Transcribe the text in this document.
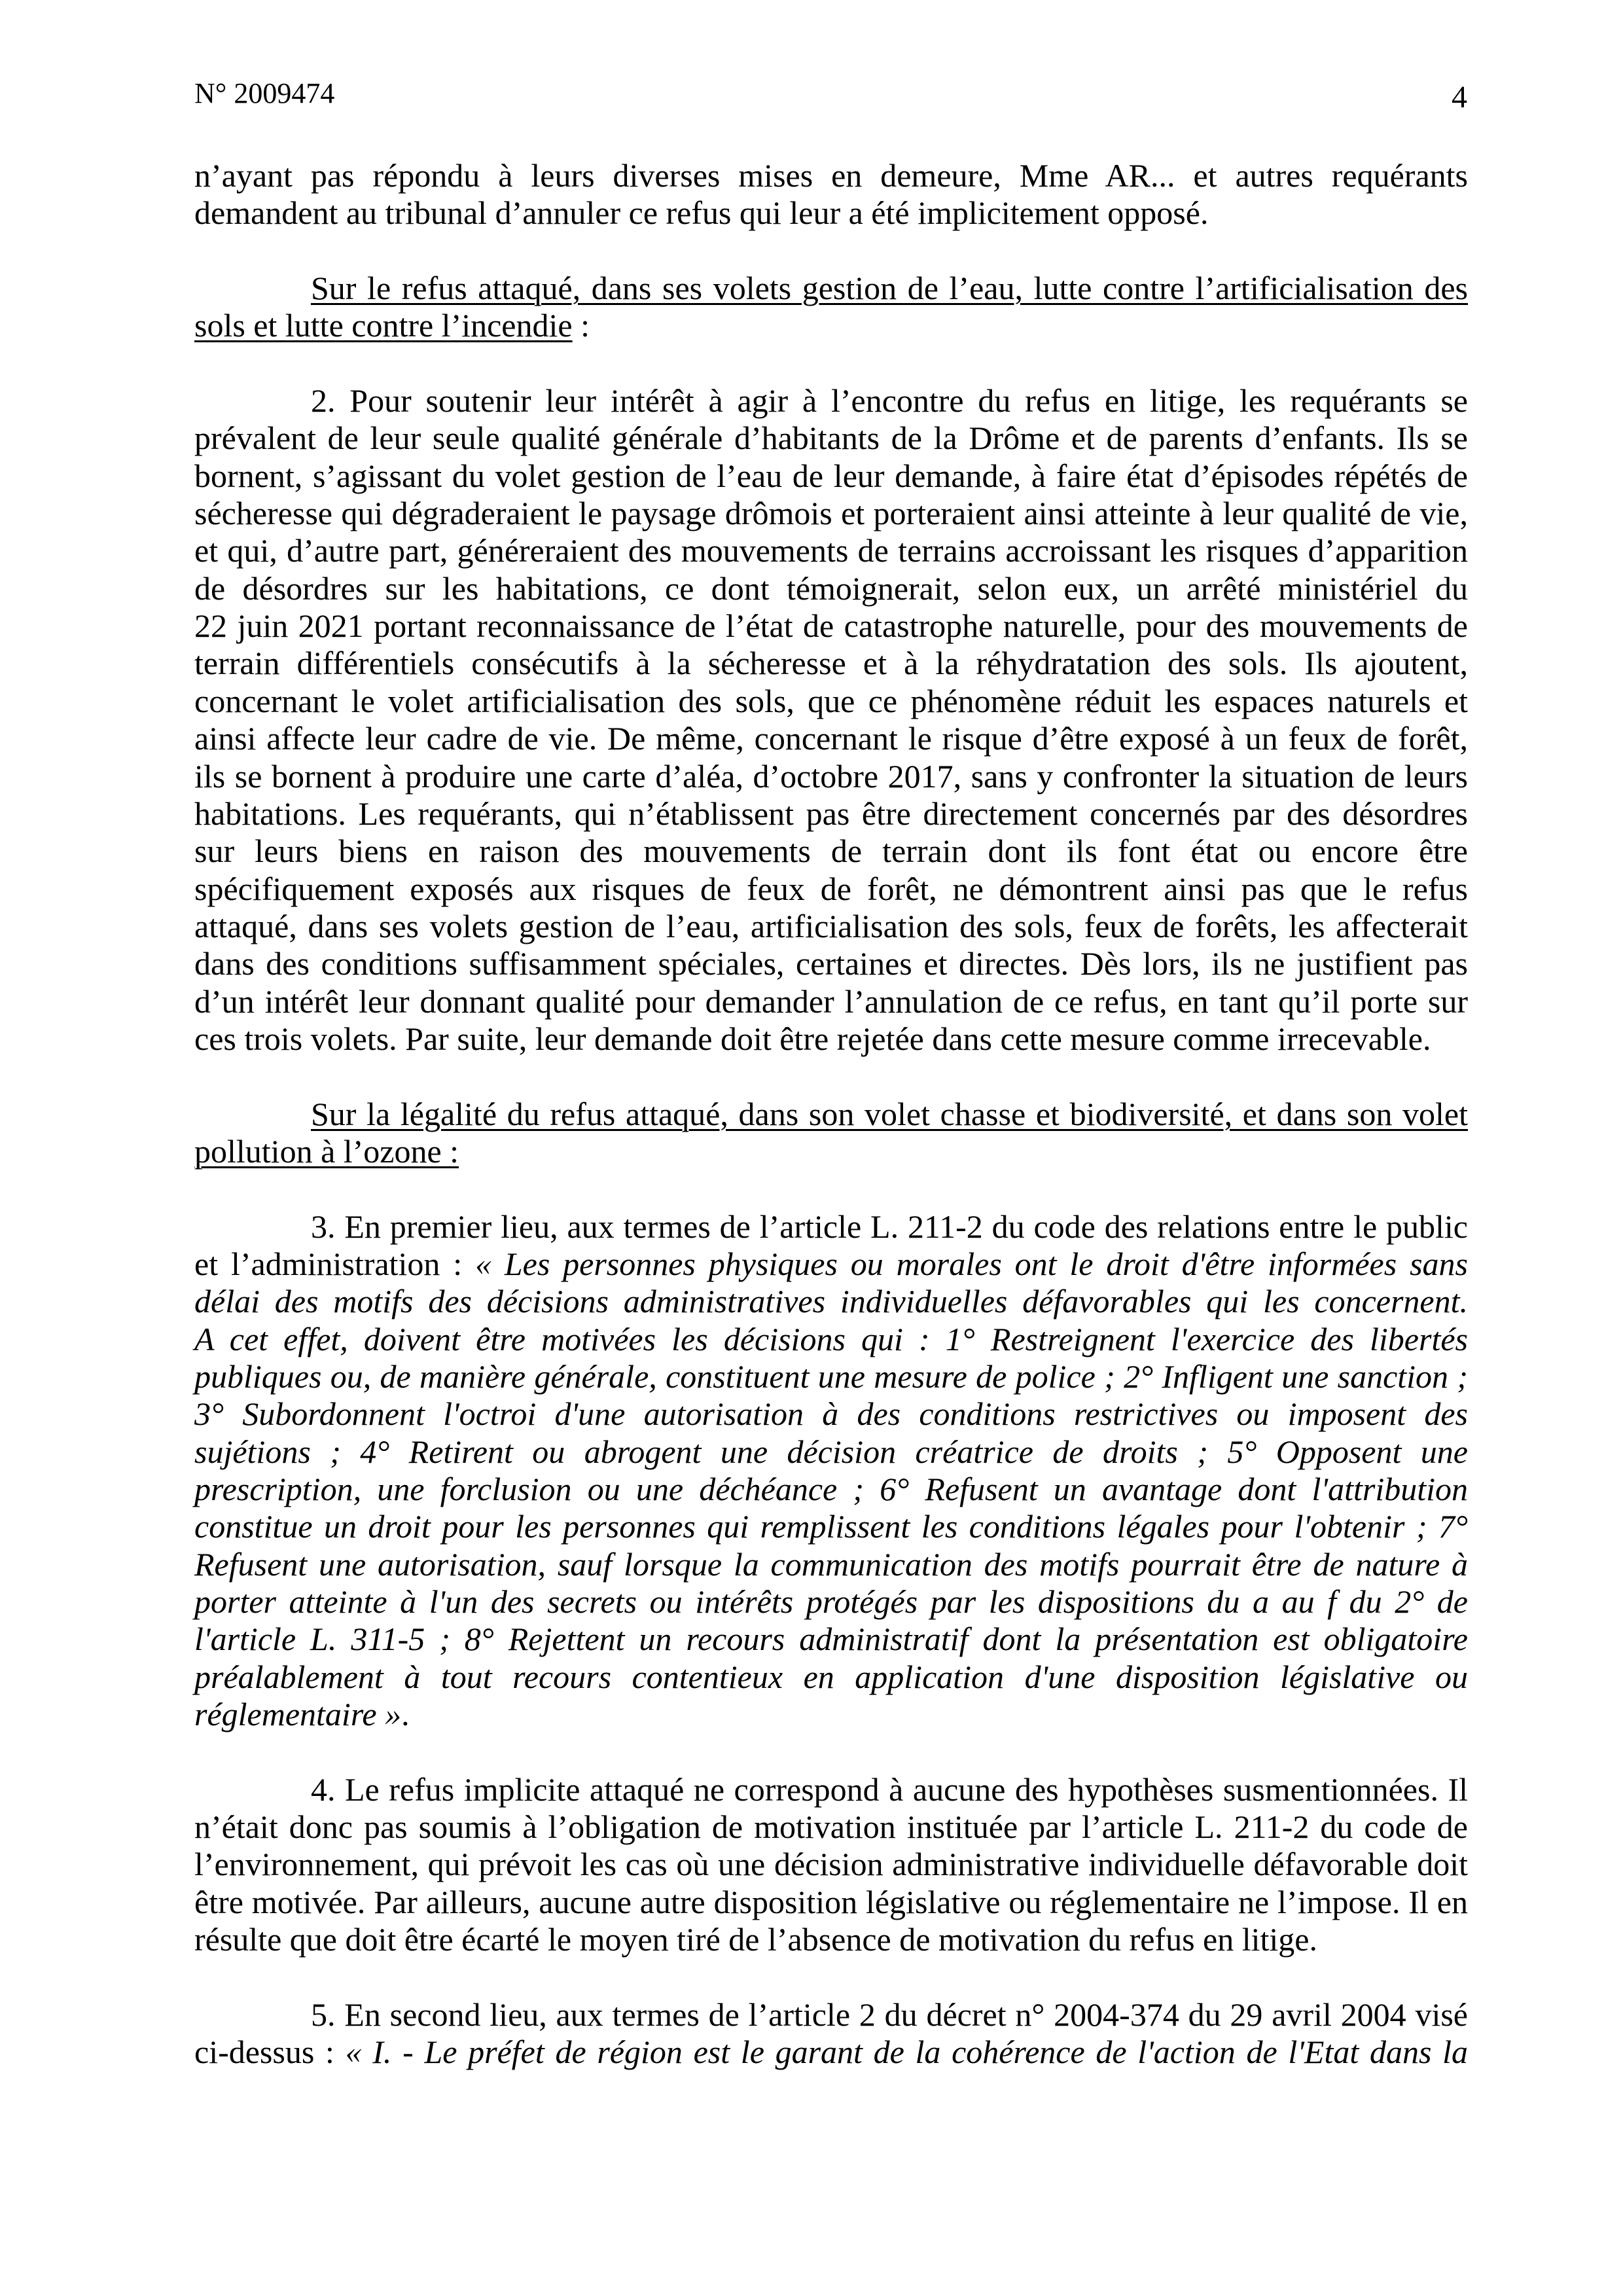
N° 2009474	4
n’ayant pas répondu à leurs diverses mises en demeure, Mme AR... et autres requérants
demandent au tribunal d’annuler ce refus qui leur a été implicitement opposé.
Sur le refus attaqué, dans ses volets gestion de l’eau, lutte contre l’artificialisation des
sols et lutte contre l’incendie :
2. Pour soutenir leur intérêt à agir à l’encontre du refus en litige, les requérants se
prévalent de leur seule qualité générale d’habitants de la Drôme et de parents d’enfants. Ils se
bornent, s’agissant du volet gestion de l’eau de leur demande, à faire état d’épisodes répétés de
sécheresse qui dégraderaient le paysage drômois et porteraient ainsi atteinte à leur qualité de vie,
et qui, d’autre part, généreraient des mouvements de terrains accroissant les risques d’apparition
de désordres sur les habitations, ce dont témoignerait, selon eux, un arrêté ministériel du
22 juin 2021 portant reconnaissance de l’état de catastrophe naturelle, pour des mouvements de
terrain différentiels consécutifs à la sécheresse et à la réhydratation des sols. Ils ajoutent,
concernant le volet artificialisation des sols, que ce phénomène réduit les espaces naturels et
ainsi affecte leur cadre de vie. De même, concernant le risque d’être exposé à un feux de forêt,
ils se bornent à produire une carte d’aléa, d’octobre 2017, sans y confronter la situation de leurs
habitations. Les requérants, qui n’établissent pas être directement concernés par des désordres
sur leurs biens en raison des mouvements de terrain dont ils font état ou encore être
spécifiquement exposés aux risques de feux de forêt, ne démontrent ainsi pas que le refus
attaqué, dans ses volets gestion de l’eau, artificialisation des sols, feux de forêts, les affecterait
dans des conditions suffisamment spéciales, certaines et directes. Dès lors, ils ne justifient pas
d’un intérêt leur donnant qualité pour demander l’annulation de ce refus, en tant qu’il porte sur
ces trois volets. Par suite, leur demande doit être rejetée dans cette mesure comme irrecevable.
Sur la légalité du refus attaqué, dans son volet chasse et biodiversité, et dans son volet
pollution à l’ozone :
3. En premier lieu, aux termes de l’article L. 211-2 du code des relations entre le public
et l’administration : « Les personnes physiques ou morales ont le droit d'être informées sans
délai des motifs des décisions administratives individuelles défavorables qui les concernent.
A cet effet, doivent être motivées les décisions qui : 1° Restreignent l'exercice des libertés
publiques ou, de manière générale, constituent une mesure de police ; 2° Infligent une sanction ;
3° Subordonnent l'octroi d'une autorisation à des conditions restrictives ou imposent des
sujétions ; 4° Retirent ou abrogent une décision créatrice de droits ; 5° Opposent une
prescription, une forclusion ou une déchéance ; 6° Refusent un avantage dont l'attribution
constitue un droit pour les personnes qui remplissent les conditions légales pour l'obtenir ; 7°
Refusent une autorisation, sauf lorsque la communication des motifs pourrait être de nature à
porter atteinte à l'un des secrets ou intérêts protégés par les dispositions du a au f du 2° de
l'article L. 311-5 ; 8° Rejettent un recours administratif dont la présentation est obligatoire
préalablement à tout recours contentieux en application d'une disposition législative ou
réglementaire ».
4. Le refus implicite attaqué ne correspond à aucune des hypothèses susmentionnées. Il
n’était donc pas soumis à l’obligation de motivation instituée par l’article L. 211-2 du code de
l’environnement, qui prévoit les cas où une décision administrative individuelle défavorable doit
être motivée. Par ailleurs, aucune autre disposition législative ou réglementaire ne l’impose. Il en
résulte que doit être écarté le moyen tiré de l’absence de motivation du refus en litige.
5. En second lieu, aux termes de l’article 2 du décret n° 2004-374 du 29 avril 2004 visé
ci-dessus : « I. - Le préfet de région est le garant de la cohérence de l'action de l'Etat dans la
